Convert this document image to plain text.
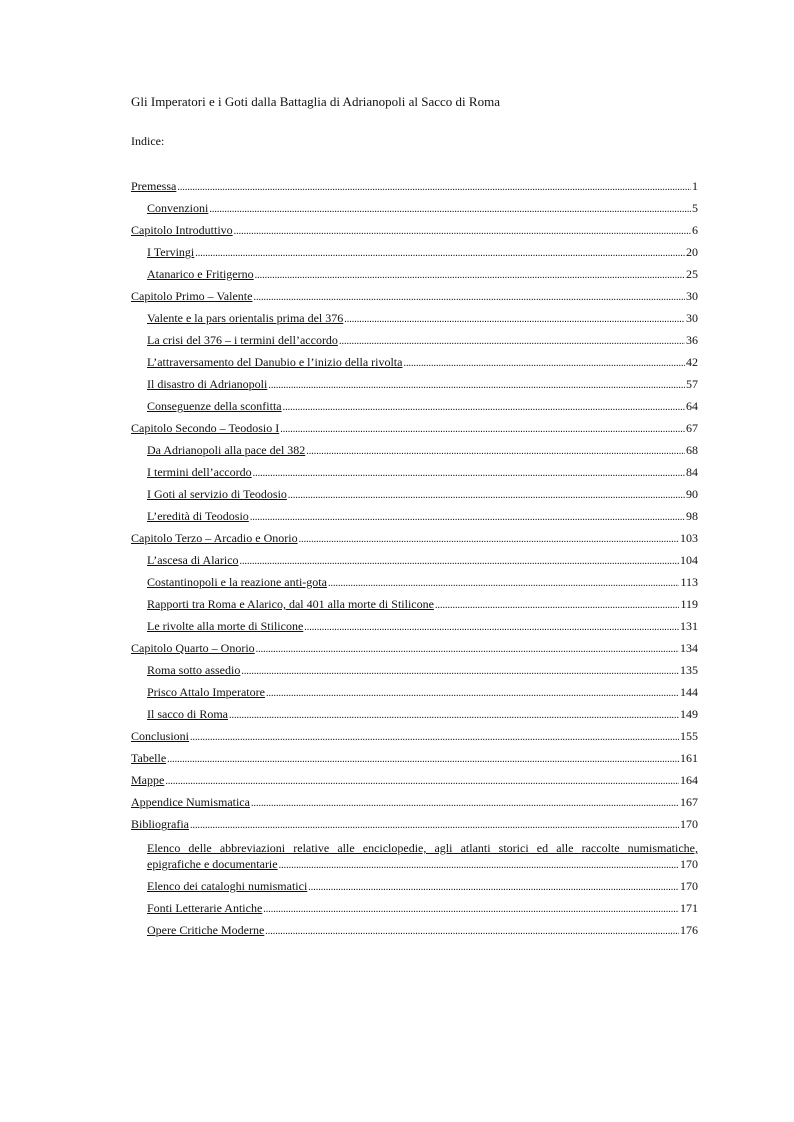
Gli Imperatori e i Goti dalla Battaglia di Adrianopoli al Sacco di Roma
Indice:
Premessa .....	1
Convenzioni .....	5
Capitolo Introduttivo .....	6
I Tervingi .....	20
Atanarico e Fritigerno .....	25
Capitolo Primo – Valente .....	30
Valente e la pars orientalis prima del 376 .....	30
La crisi del 376 – i termini dell’accordo .....	36
L’attraversamento del Danubio e l’inizio della rivolta .....	42
Il disastro di Adrianopoli .....	57
Conseguenze della sconfitta .....	64
Capitolo Secondo – Teodosio I .....	67
Da Adrianopoli alla pace del 382 .....	68
I termini dell’accordo .....	84
I Goti al servizio di Teodosio .....	90
L’eredità di Teodosio .....	98
Capitolo Terzo – Arcadio e Onorio .....	103
L’ascesa di Alarico .....	104
Costantinopoli e la reazione anti-gota .....	113
Rapporti tra Roma e Alarico, dal 401 alla morte di Stilicone .....	119
Le rivolte alla morte di Stilicone .....	131
Capitolo Quarto – Onorio .....	134
Roma sotto assedio .....	135
Prisco Attalo Imperatore .....	144
Il sacco di Roma .....	149
Conclusioni .....	155
Tabelle .....	161
Mappe .....	164
Appendice Numismatica .....	167
Bibliografia .....	170
Elenco delle abbreviazioni relative alle enciclopedie, agli atlanti storici ed alle raccolte numismatiche,
epigrafiche e documentarie .....	170
Elenco dei cataloghi numismatici .....	170
Fonti Letterarie Antiche .....	171
Opere Critiche Moderne .....	176
